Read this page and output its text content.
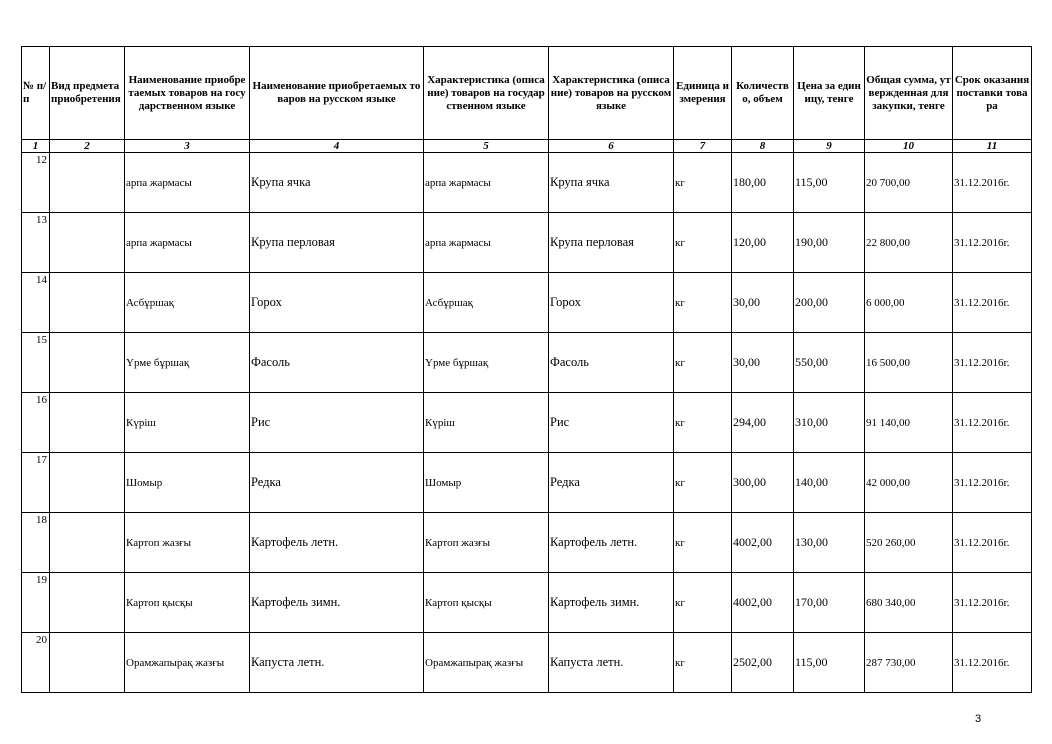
№ п/п	Вид предмета приобретения	Наименование приобретаемых товаров на государственном языке	Наименование приобретаемых товаров на русском языке	Характеристика (описание) товаров на государственном языке	Характеристика (описание) товаров на русском языке	Единица измерения	Количество, объем	Цена за единицу, тенге	Общая сумма, утвержденная для закупки, тенге	Срок оказания поставки товара
1	2	3	4	5	6	7	8	9	10	11
12		арпа жармасы	Крупа ячка	арпа жармасы	Крупа ячка	кг	180,00	115,00	20 700,00	31.12.2016г.
13		арпа жармасы	Крупа перловая	арпа жармасы	Крупа перловая	кг	120,00	190,00	22 800,00	31.12.2016г.
14		Асбұршақ	Горох	Асбұршақ	Горох	кг	30,00	200,00	6 000,00	31.12.2016г.
15		Үрме бұршақ	Фасоль	Үрме бұршақ	Фасоль	кг	30,00	550,00	16 500,00	31.12.2016г.
16		Күріш	Рис	Күріш	Рис	кг	294,00	310,00	91 140,00	31.12.2016г.
17		Шомыр	Редка	Шомыр	Редка	кг	300,00	140,00	42 000,00	31.12.2016г.
18		Картоп жазғы	Картофель летн.	Картоп жазғы	Картофель летн.	кг	4002,00	130,00	520 260,00	31.12.2016г.
19		Картоп қысқы	Картофель зимн.	Картоп қысқы	Картофель зимн.	кг	4002,00	170,00	680 340,00	31.12.2016г.
20		Орамжапырақ жазғы	Капуста летн.	Орамжапырақ жазғы	Капуста летн.	кг	2502,00	115,00	287 730,00	31.12.2016г.
3
